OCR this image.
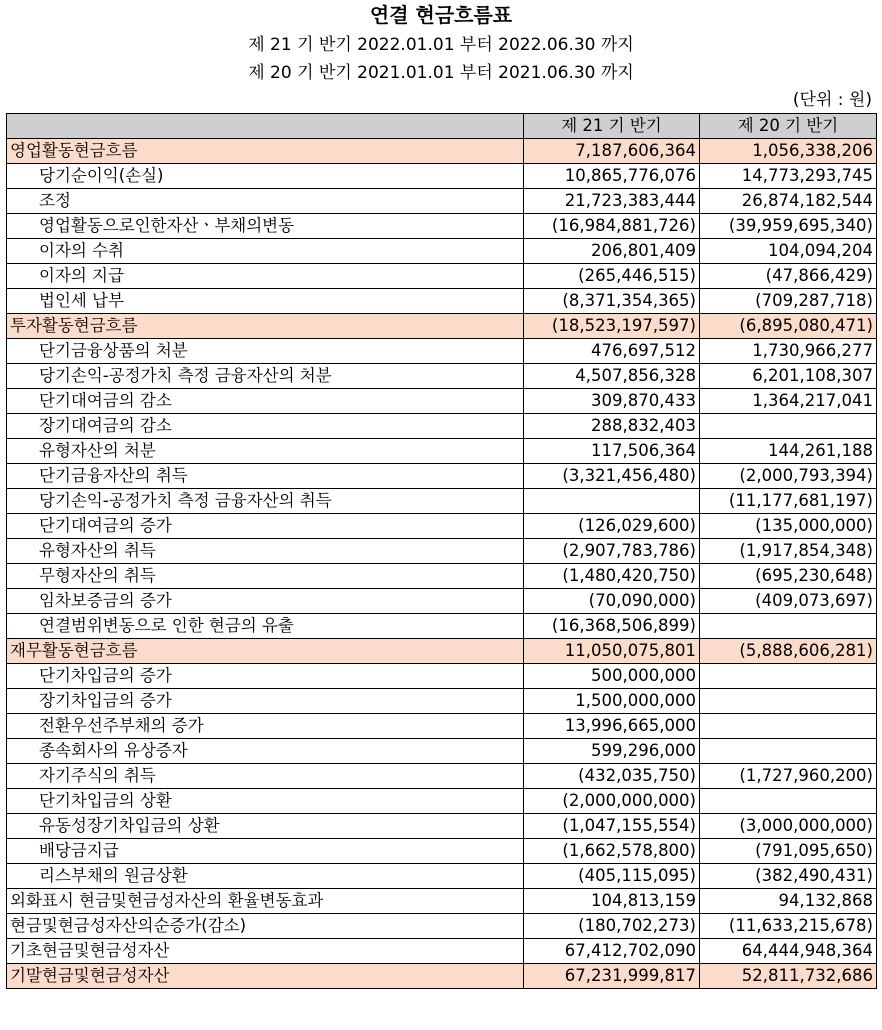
연결 현금흐름표
제 21 기 반기 2022.01.01 부터 2022.06.30 까지
제 20 기 반기 2021.01.01 부터 2021.06.30 까지
(단위 : 원)
	제 21 기 반기	제 20 기 반기
영업활동현금흐름	7,187,606,364	1,056,338,206
당기순이익(손실)	10,865,776,076	14,773,293,745
조정	21,723,383,444	26,874,182,544
영업활동으로인한자산ㆍ부채의변동	(16,984,881,726)	(39,959,695,340)
이자의 수취	206,801,409	104,094,204
이자의 지급	(265,446,515)	(47,866,429)
법인세 납부	(8,371,354,365)	(709,287,718)
투자활동현금흐름	(18,523,197,597)	(6,895,080,471)
단기금융상품의 처분	476,697,512	1,730,966,277
당기손익-공정가치 측정 금융자산의 처분	4,507,856,328	6,201,108,307
단기대여금의 감소	309,870,433	1,364,217,041
장기대여금의 감소	288,832,403	
유형자산의 처분	117,506,364	144,261,188
단기금융자산의 취득	(3,321,456,480)	(2,000,793,394)
당기손익-공정가치 측정 금융자산의 취득		(11,177,681,197)
단기대여금의 증가	(126,029,600)	(135,000,000)
유형자산의 취득	(2,907,783,786)	(1,917,854,348)
무형자산의 취득	(1,480,420,750)	(695,230,648)
임차보증금의 증가	(70,090,000)	(409,073,697)
연결범위변동으로 인한 현금의 유출	(16,368,506,899)	
재무활동현금흐름	11,050,075,801	(5,888,606,281)
단기차입금의 증가	500,000,000	
장기차입금의 증가	1,500,000,000	
전환우선주부채의 증가	13,996,665,000	
종속회사의 유상증자	599,296,000	
자기주식의 취득	(432,035,750)	(1,727,960,200)
단기차입금의 상환	(2,000,000,000)	
유동성장기차입금의 상환	(1,047,155,554)	(3,000,000,000)
배당금지급	(1,662,578,800)	(791,095,650)
리스부채의 원금상환	(405,115,095)	(382,490,431)
외화표시 현금및현금성자산의 환율변동효과	104,813,159	94,132,868
현금및현금성자산의순증가(감소)	(180,702,273)	(11,633,215,678)
기초현금및현금성자산	67,412,702,090	64,444,948,364
기말현금및현금성자산	67,231,999,817	52,811,732,686
